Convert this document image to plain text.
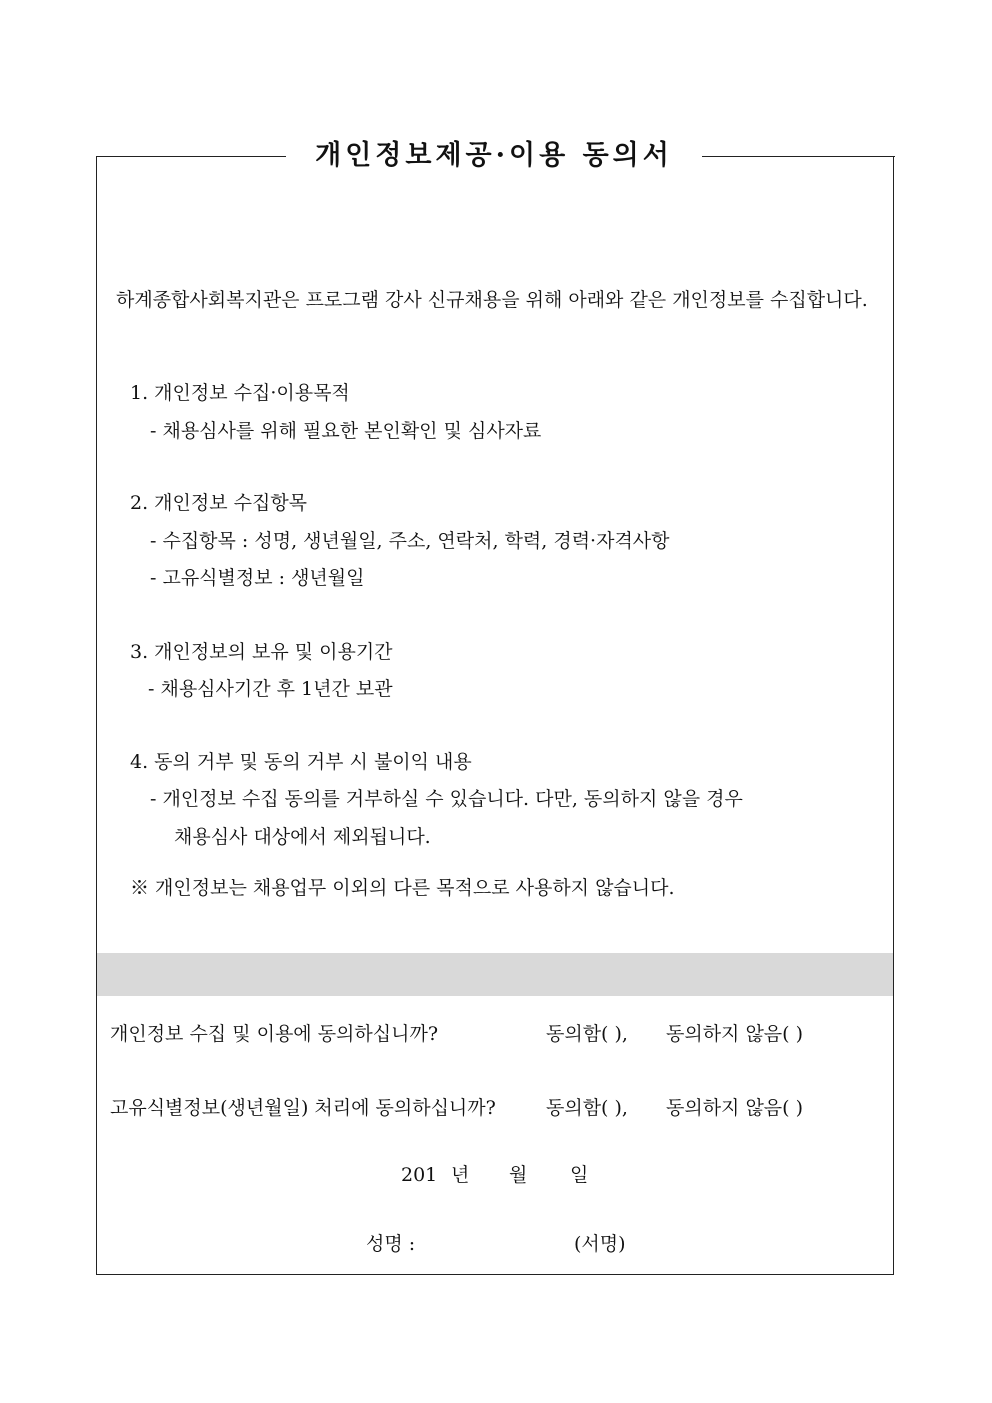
개인정보제공·이용 동의서
하계종합사회복지관은 프로그램 강사 신규채용을 위해 아래와 같은 개인정보를 수집합니다.
1. 개인정보 수집·이용목적
- 채용심사를 위해 필요한 본인확인 및 심사자료
2. 개인정보 수집항목
- 수집항목 : 성명, 생년월일, 주소, 연락처, 학력, 경력·자격사항
- 고유식별정보 : 생년월일
3. 개인정보의 보유 및 이용기간
- 채용심사기간 후 1년간 보관
4. 동의 거부 및 동의 거부 시 불이익 내용
- 개인정보 수집 동의를 거부하실 수 있습니다. 다만, 동의하지 않을 경우
채용심사 대상에서 제외됩니다.
※ 개인정보는 채용업무 이외의 다른 목적으로 사용하지 않습니다.
개인정보 수집 및 이용에 동의하십니까?	동의함( ), 동의하지 않음( )
고유식별정보(생년월일) 처리에 동의하십니까?	동의함( ), 동의하지 않음( )
201 년 월 일
성명 :	(서명)
